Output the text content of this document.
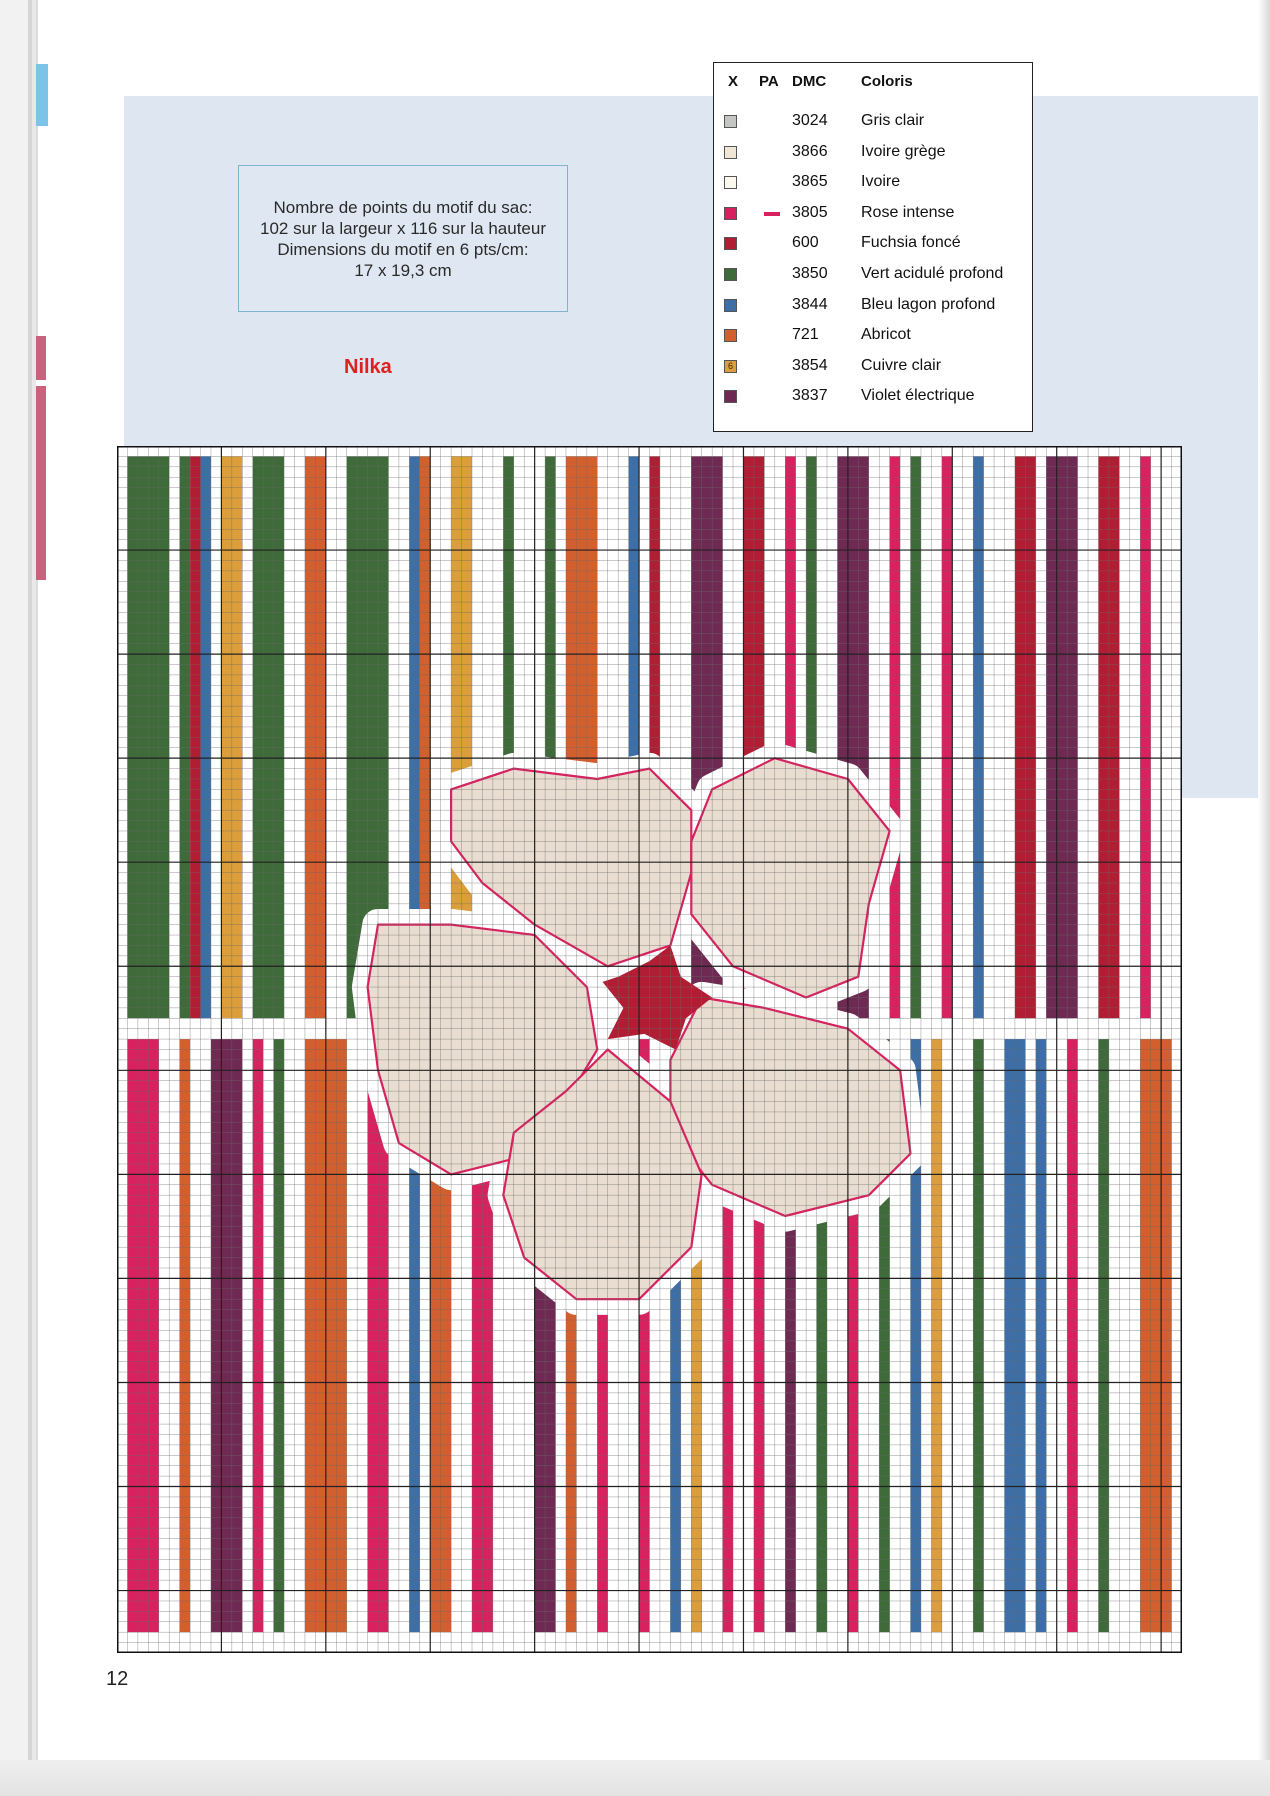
Nombre de points du motif du sac:
102 sur la largeur x 116 sur la hauteur
Dimensions du motif en 6 pts/cm:
17 x 19,3 cm
Nilka
X PA DMC Coloris
3024 Gris clair
3866 Ivoire grège
3865 Ivoire
3805 Rose intense
600	Fuchsia foncé
3850 Vert acidulé profond
3844 Bleu lagon profond
721	Abricot
6	3854 Cuivre clair
3837 Violet électrique
12
